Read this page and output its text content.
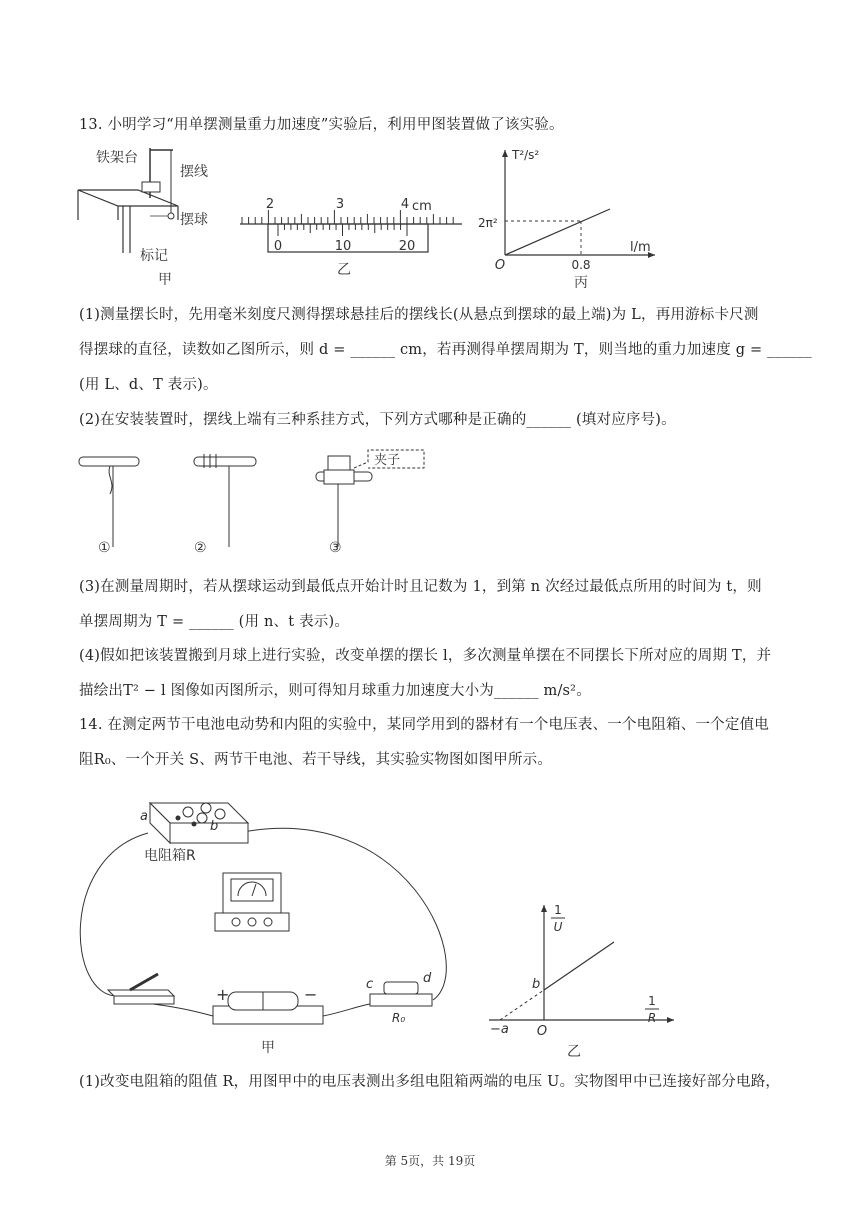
13. 小明学习“用单摆测量重力加速度”实验后，利用甲图装置做了该实验。
铁架台
摆线
摆球
标记
甲
2	3	4 cm
0	10	20
乙
T²/s²
l/m
2π²
0.8
O
丙
(1)测量摆长时，先用毫米刻度尺测得摆球悬挂后的摆线长(从悬点到摆球的最上端)为 L，再用游标卡尺测
得摆球的直径，读数如乙图所示，则 d = ______ cm，若再测得单摆周期为 T，则当地的重力加速度 g = ______
(用 L、d、T 表示)。
(2)在安装装置时，摆线上端有三种系挂方式，下列方式哪种是正确的______ (填对应序号)。
夹子
①	②	③
(3)在测量周期时，若从摆球运动到最低点开始计时且记数为 1，到第 n 次经过最低点所用的时间为 t，则
单摆周期为 T = ______ (用 n、t 表示)。
(4)假如把该装置搬到月球上进行实验，改变单摆的摆长 l，多次测量单摆在不同摆长下所对应的周期 T，并
描绘出T² − l 图像如丙图所示，则可得知月球重力加速度大小为______ m/s²。
14. 在测定两节干电池电动势和内阻的实验中，某同学用到的器材有一个电压表、一个电阻箱、一个定值电
阻R₀、一个开关 S、两节干电池、若干导线，其实验实物图如图甲所示。
a
b
电阻箱R
+	−
c	d
R₀
甲
1
U
1
R
b
−a O
乙
(1)改变电阻箱的阻值 R，用图甲中的电压表测出多组电阻箱两端的电压 U。实物图甲中已连接好部分电路，
第 5页，共 19页
